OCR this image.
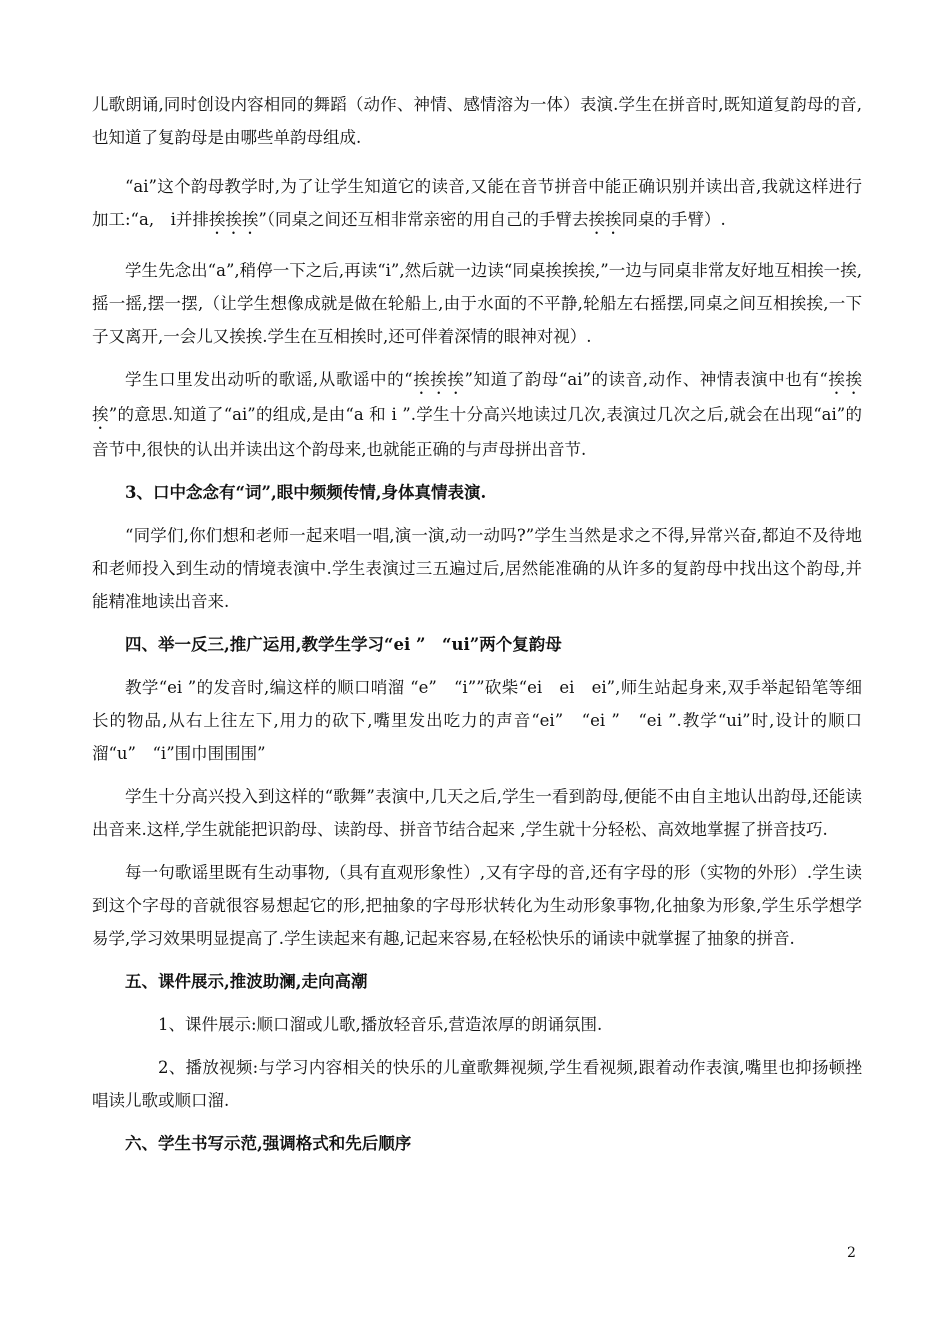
儿歌朗诵,同时创设内容相同的舞蹈（动作、神情、感情溶为一体）表演.学生在拼音时,既知道复韵母的音,也知道了复韵母是由哪些单韵母组成.

“ai”这个韵母教学时,为了让学生知道它的读音,又能在音节拼音中能正确识别并读出音,我就这样进行加工:“a,　i并排挨挨挨”（同桌之间还互相非常亲密的用自己的手臂去挨挨同桌的手臂）.

学生先念出“a”,稍停一下之后,再读“i”,然后就一边读“同桌挨挨挨,”一边与同桌非常友好地互相挨一挨,摇一摇,摆一摆,（让学生想像成就是做在轮船上,由于水面的不平静,轮船左右摇摆,同桌之间互相挨挨,一下子又离开,一会儿又挨挨.学生在互相挨时,还可伴着深情的眼神对视）.

学生口里发出动听的歌谣,从歌谣中的“挨挨挨”知道了韵母“ai”的读音,动作、神情表演中也有“挨挨挨”的意思.知道了“ai”的组成,是由“a 和 i ”.学生十分高兴地读过几次,表演过几次之后,就会在出现“ai”的音节中,很快的认出并读出这个韵母来,也就能正确的与声母拼出音节.

3、口中念念有“词”,眼中频频传情,身体真情表演.

“同学们,你们想和老师一起来唱一唱,演一演,动一动吗?”学生当然是求之不得,异常兴奋,都迫不及待地和老师投入到生动的情境表演中.学生表演过三五遍过后,居然能准确的从许多的复韵母中找出这个韵母,并能精准地读出音来.

四、举一反三,推广运用,教学生学习“ei ”　“ui”两个复韵母

教学“ei ”的发音时,编这样的顺口哨溜 “e”　“i””砍柴“ei　ei　ei”,师生站起身来,双手举起铅笔等细长的物品,从右上往左下,用力的砍下,嘴里发出吃力的声音“ei”　“ei ”　“ei ”.教学“ui”时,设计的顺口溜“u”　“i”围巾围围围”

学生十分高兴投入到这样的“歌舞”表演中,几天之后,学生一看到韵母,便能不由自主地认出韵母,还能读出音来.这样,学生就能把识韵母、读韵母、拼音节结合起来 ,学生就十分轻松、高效地掌握了拼音技巧.

每一句歌谣里既有生动事物,（具有直观形象性）,又有字母的音,还有字母的形（实物的外形）.学生读到这个字母的音就很容易想起它的形,把抽象的字母形状转化为生动形象事物,化抽象为形象,学生乐学想学易学,学习效果明显提高了.学生读起来有趣,记起来容易,在轻松快乐的诵读中就掌握了抽象的拼音.

五、课件展示,推波助澜,走向高潮

1、课件展示:顺口溜或儿歌,播放轻音乐,营造浓厚的朗诵氛围.

2、播放视频:与学习内容相关的快乐的儿童歌舞视频,学生看视频,跟着动作表演,嘴里也抑扬顿挫唱读儿歌或顺口溜.

六、学生书写示范,强调格式和先后顺序

2
